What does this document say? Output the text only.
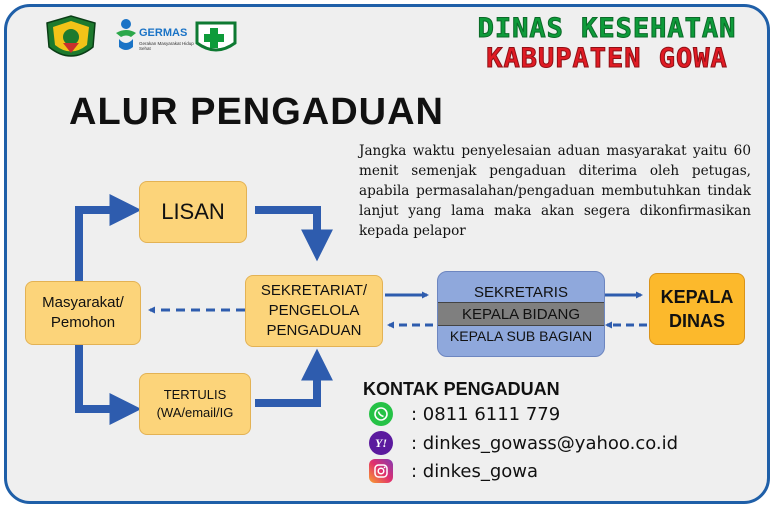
GERMAS
Gerakan Masyarakat Hidup Sehat
DINAS KESEHATAN
KABUPATEN GOWA
ALUR PENGADUAN
Jangka waktu penyelesaian aduan masyarakat yaitu 60 menit semenjak pengaduan diterima oleh petugas, apabila permasalahan/pengaduan membutuhkan tindak lanjut yang lama maka akan segera dikonfirmasikan kepada pelapor
Masyarakat/
Pemohon
LISAN
TERTULIS
(WA/email/IG
SEKRETARIAT/
PENGELOLA
PENGADUAN
SEKRETARIS
KEPALA BIDANG
KEPALA SUB BAGIAN
KEPALA
DINAS
KONTAK PENGADUAN
: 0811 6111 779
Y!	: dinkes_gowass@yahoo.co.id
: dinkes_gowa
